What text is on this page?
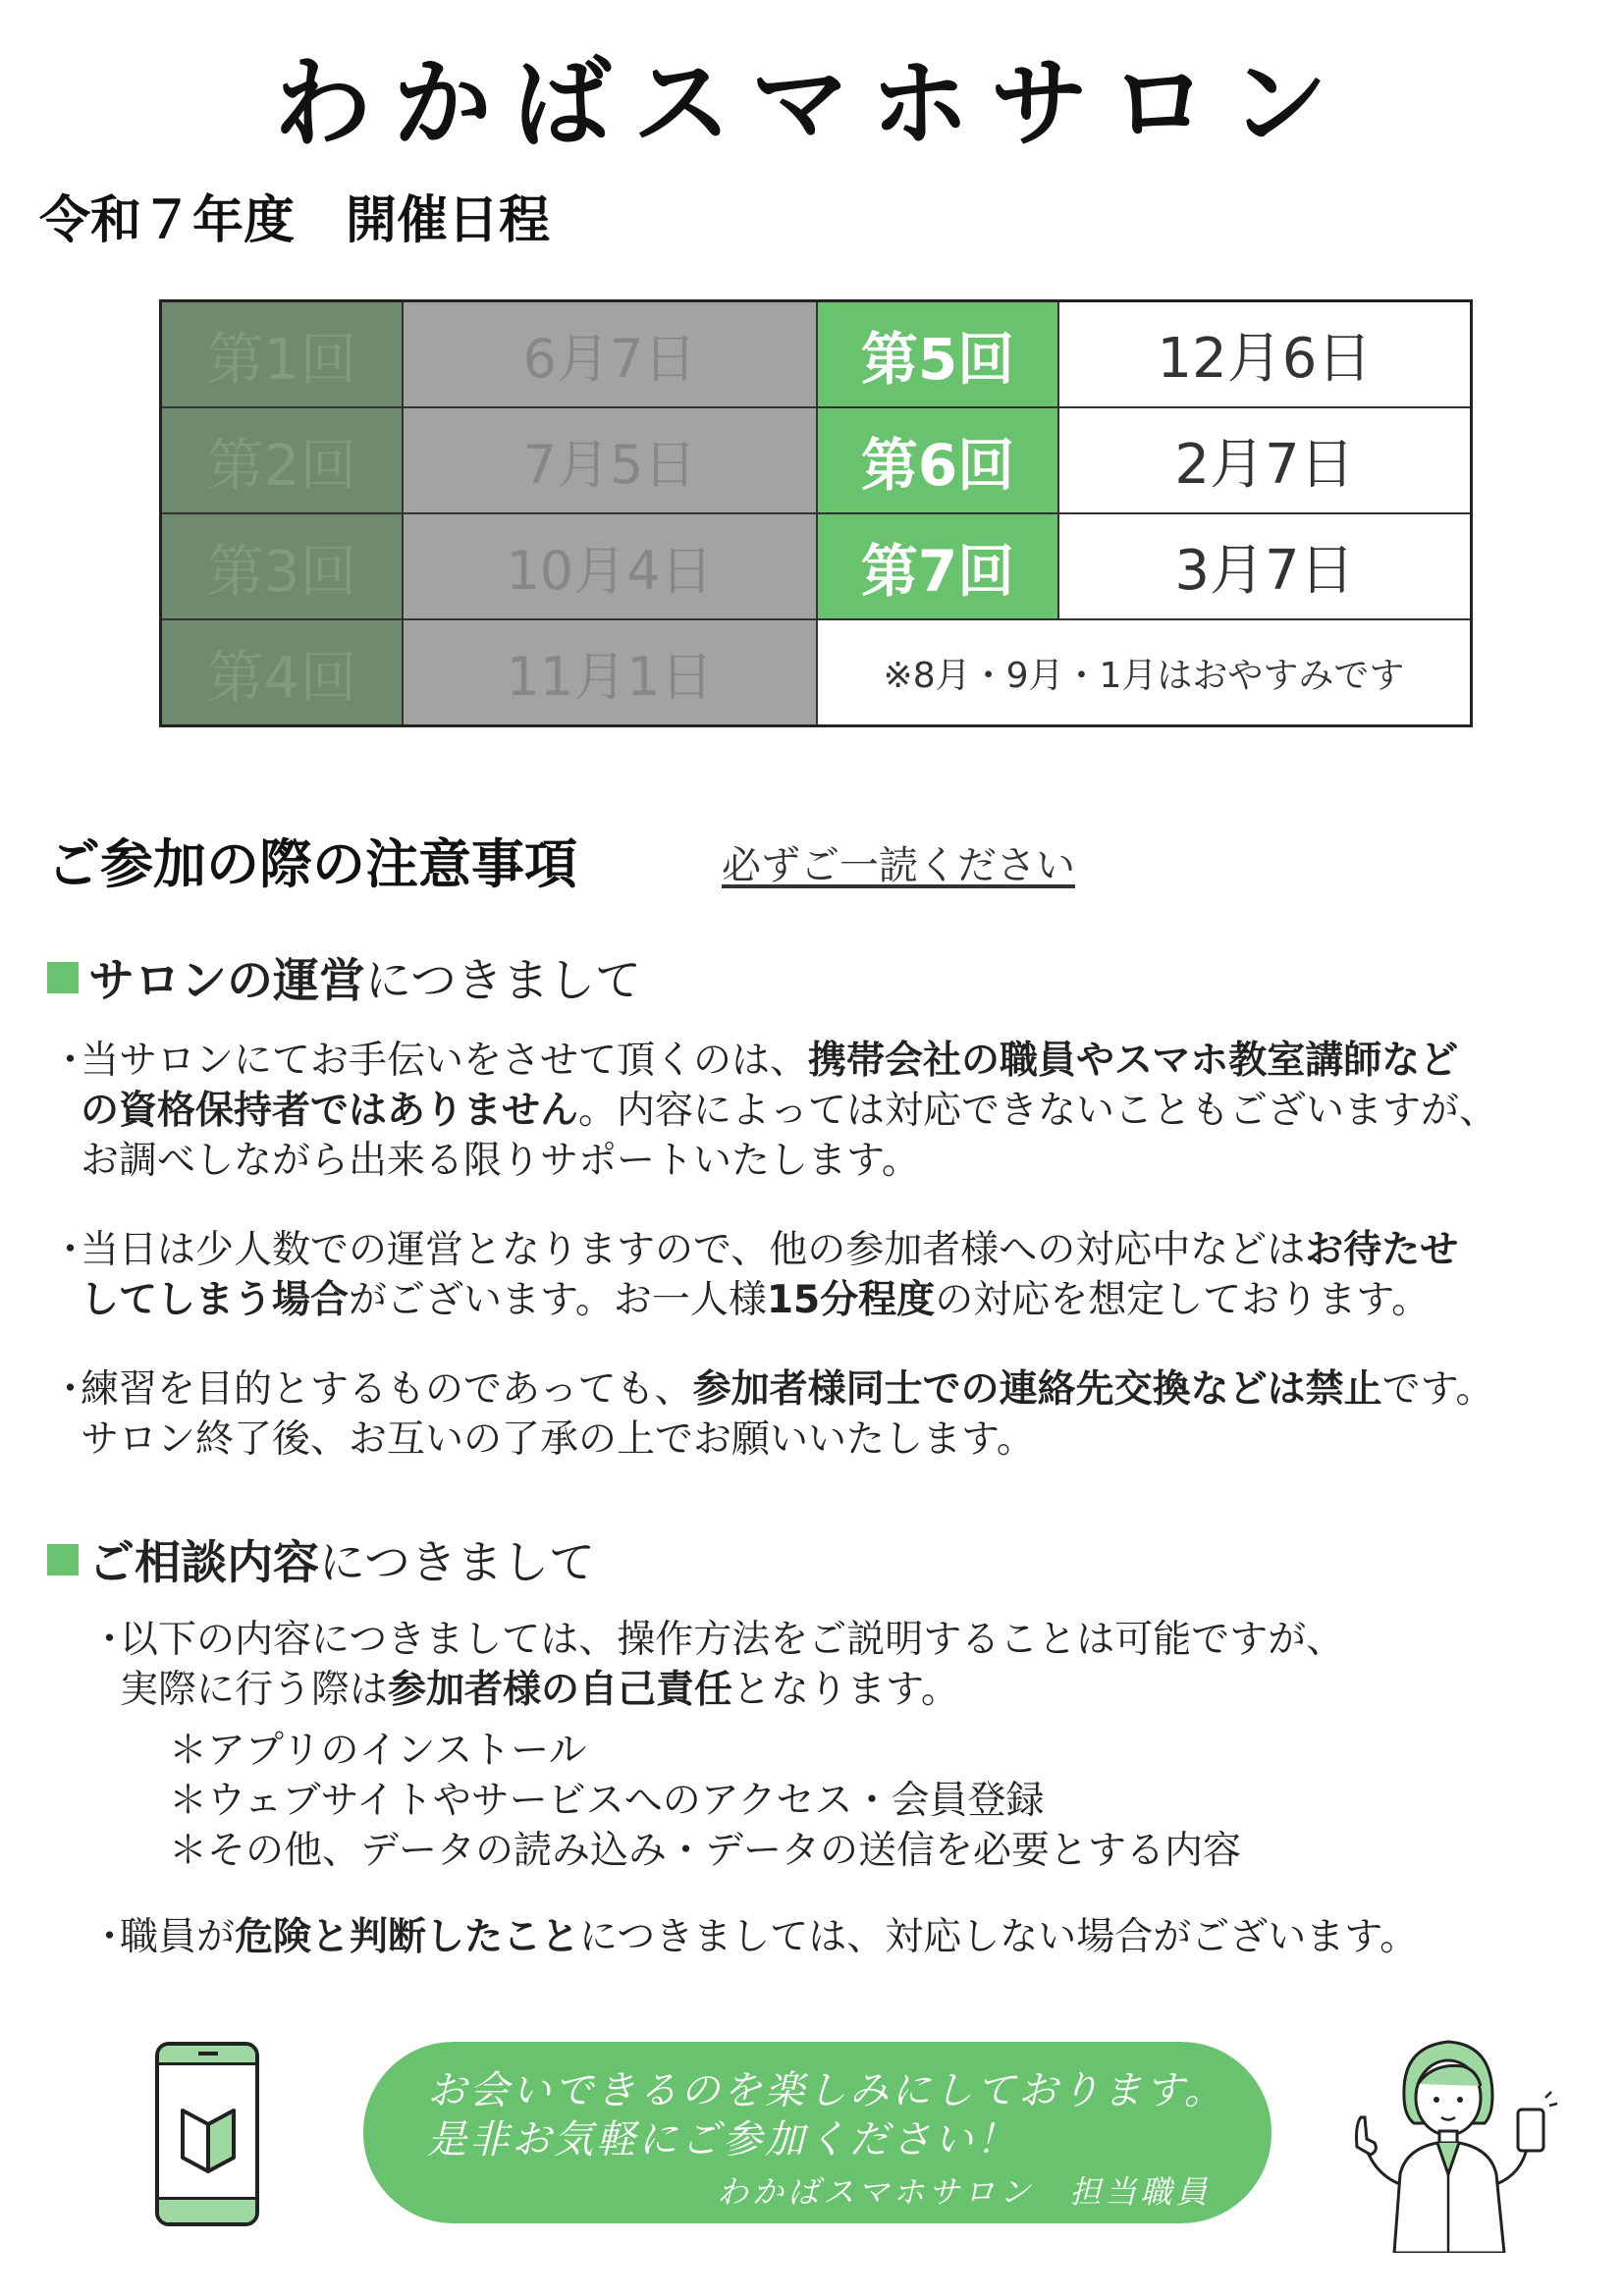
わかばスマホサロン
令和７年度　開催日程
第1回	6月7日	第5回	12月6日
第2回	7月5日	第6回	2月7日
第3回	10月4日	第7回	3月7日
第4回	11月1日	※8月・9月・1月はおやすみです
ご参加の際の注意事項	必ずご一読ください
サロンの運営 につきまして
・
当サロンにてお手伝いをさせて頂くのは、携帯会社の職員やスマホ教室講師など
の資格保持者ではありません。内容によっては対応できないこともございますが、
お調べしながら出来る限りサポートいたします。
・
当日は少人数での運営となりますので、他の参加者様への対応中などはお待たせ
してしまう場合がございます。お一人様15分程度の対応を想定しております。
・
練習を目的とするものであっても、参加者様同士での連絡先交換などは禁止です。
サロン終了後、お互いの了承の上でお願いいたします。
ご相談内容 につきまして
・
以下の内容につきましては、操作方法をご説明することは可能ですが、
実際に行う際は参加者様の自己責任となります。
＊アプリのインストール
＊ウェブサイトやサービスへのアクセス・会員登録
＊その他、データの読み込み・データの送信を必要とする内容
・
職員が危険と判断したことにつきましては、対応しない場合がございます。
お会いできるのを楽しみにしております。
是非お気軽にご参加ください！
わかばスマホサロン　担当職員
